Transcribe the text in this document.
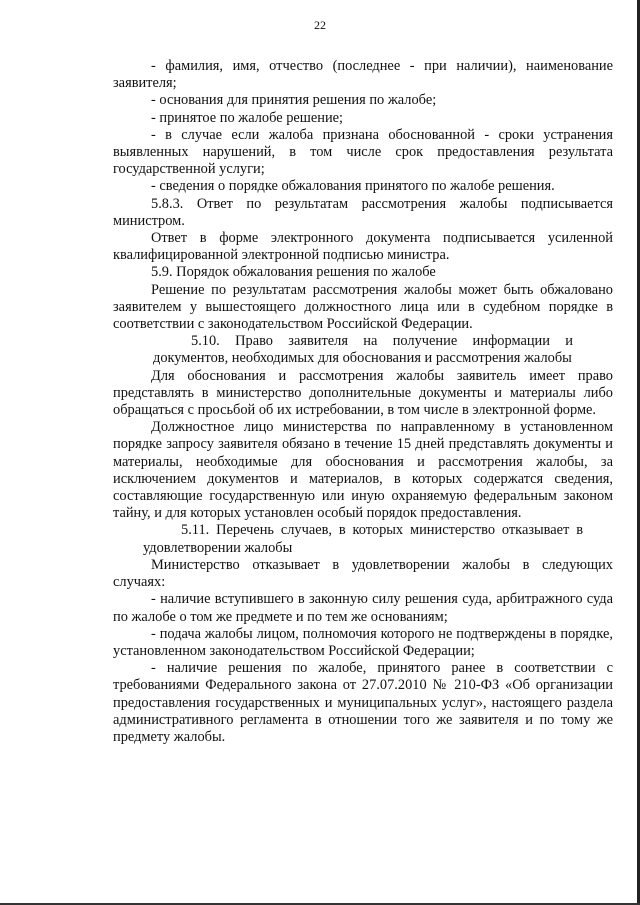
22

- фамилия, имя, отчество (последнее - при наличии), наименование заявителя;

- основания для принятия решения по жалобе;

- принятое по жалобе решение;

- в случае если жалоба признана обоснованной - сроки устранения выявленных нарушений, в том числе срок предоставления результата государственной услуги;

- сведения о порядке обжалования принятого по жалобе решения.

5.8.3. Ответ по результатам рассмотрения жалобы подписывается министром.

Ответ в форме электронного документа подписывается усиленной квалифицированной электронной подписью министра.

5.9. Порядок обжалования решения по жалобе

Решение по результатам рассмотрения жалобы может быть обжаловано заявителем у вышестоящего должностного лица или в судебном порядке в соответствии с законодательством Российской Федерации.

5.10. Право заявителя на получение информации и документов, необходимых для обоснования и рассмотрения жалобы

Для обоснования и рассмотрения жалобы заявитель имеет право представлять в министерство дополнительные документы и материалы либо обращаться с просьбой об их истребовании, в том числе в электронной форме.

Должностное лицо министерства по направленному в установленном порядке запросу заявителя обязано в течение 15 дней представлять документы и материалы, необходимые для обоснования и рассмотрения жалобы, за исключением документов и материалов, в которых содержатся сведения, составляющие государственную или иную охраняемую федеральным законом тайну, и для которых установлен особый порядок предоставления.

5.11. Перечень случаев, в которых министерство отказывает в удовлетворении жалобы

Министерство отказывает в удовлетворении жалобы в следующих случаях:

- наличие вступившего в законную силу решения суда, арбитражного суда по жалобе о том же предмете и по тем же основаниям;

- подача жалобы лицом, полномочия которого не подтверждены в порядке, установленном законодательством Российской Федерации;

- наличие решения по жалобе, принятого ранее в соответствии с требованиями Федерального закона от 27.07.2010 № 210-ФЗ «Об организации предоставления государственных и муниципальных услуг», настоящего раздела административного регламента в отношении того же заявителя и по тому же предмету жалобы.
